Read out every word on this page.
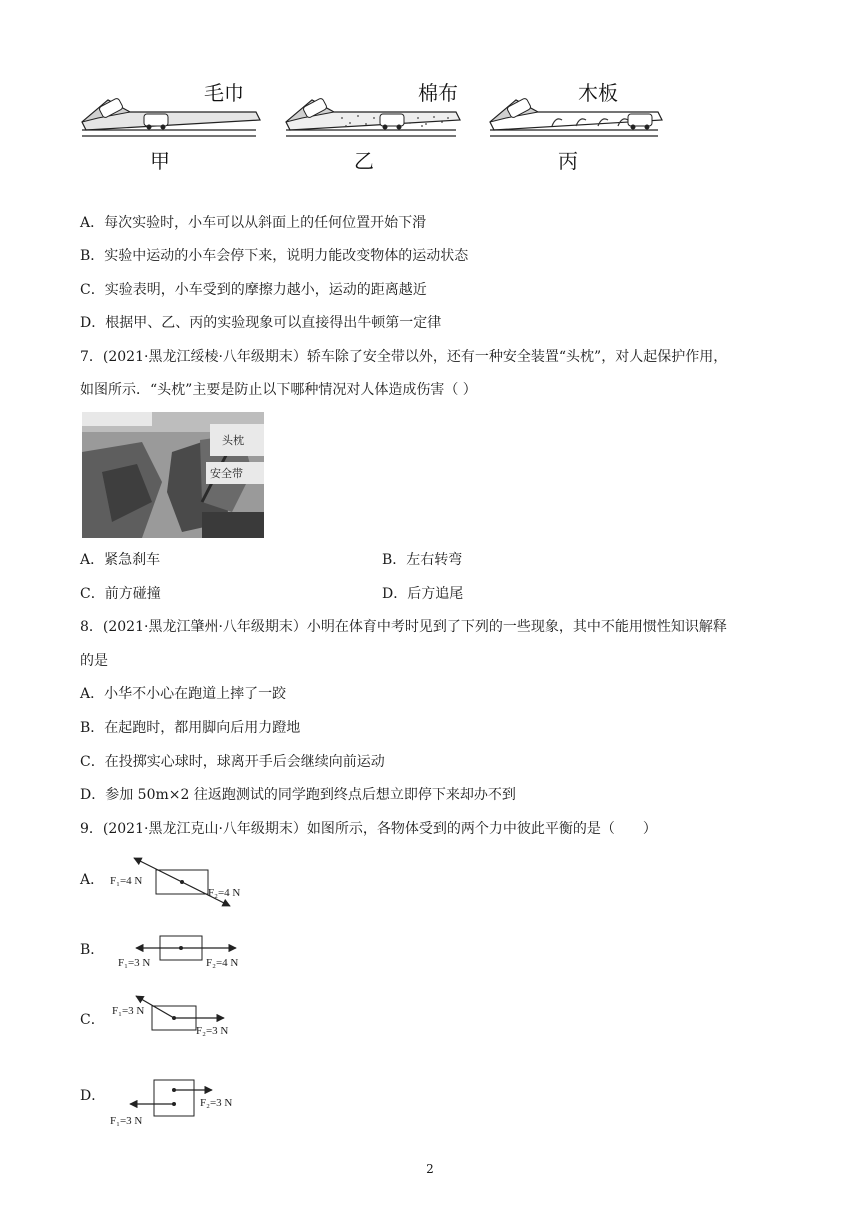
毛巾
甲
棉布
乙
木板
丙
A．每次实验时，小车可以从斜面上的任何位置开始下滑
B．实验中运动的小车会停下来，说明力能改变物体的运动状态
C．实验表明，小车受到的摩擦力越小，运动的距离越近
D．根据甲、乙、丙的实验现象可以直接得出牛顿第一定律
7．(2021·黑龙江绥棱·八年级期末）轿车除了安全带以外，还有一种安全装置“头枕”，对人起保护作用，
如图所示．“头枕”主要是防止以下哪种情况对人体造成伤害（ ）
头枕
安全带
A．紧急刹车	B．左右转弯
C．前方碰撞	D．后方追尾
8．(2021·黑龙江肇州·八年级期末）小明在体育中考时见到了下列的一些现象，其中不能用惯性知识解释
的是
A．小华不小心在跑道上摔了一跤
B．在起跑时，都用脚向后用力蹬地
C．在投掷实心球时，球离开手后会继续向前运动
D．参加 50m×2 往返跑测试的同学跑到终点后想立即停下来却办不到
9．(2021·黑龙江克山·八年级期末）如图所示，各物体受到的两个力中彼此平衡的是（　　）
A． F₁=4 N
F₂=4 N
B．
F₁=3 N	F₂=4 N
C．
F₁=3 N
F₂=3 N
D．	F₂=3 N
F₁=3 N
2
